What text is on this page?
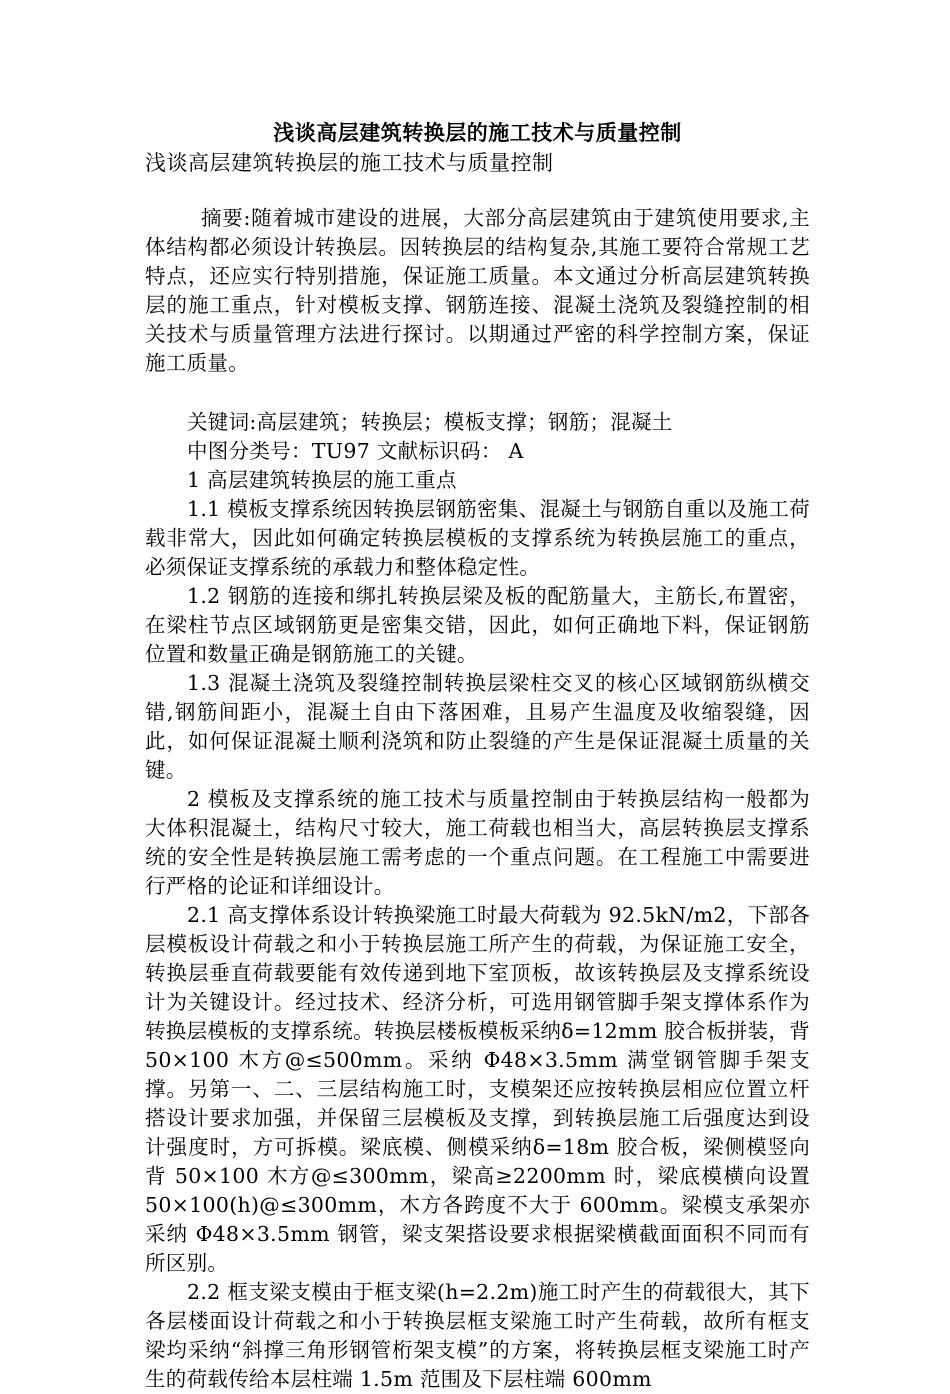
浅谈高层建筑转换层的施工技术与质量控制
浅谈高层建筑转换层的施工技术与质量控制

摘要:随着城市建设的进展，大部分高层建筑由于建筑使用要求,主体结构都必须设计转换层。因转换层的结构复杂,其施工要符合常规工艺特点，还应实行特别措施，保证施工质量。本文通过分析高层建筑转换层的施工重点，针对模板支撑、钢筋连接、混凝土浇筑及裂缝控制的相关技术与质量管理方法进行探讨。以期通过严密的科学控制方案，保证施工质量。

关键词:高层建筑；转换层；模板支撑；钢筋；混凝土

中图分类号：TU97 文献标识码： A

1 高层建筑转换层的施工重点

1.1 模板支撑系统因转换层钢筋密集、混凝土与钢筋自重以及施工荷载非常大，因此如何确定转换层模板的支撑系统为转换层施工的重点，必须保证支撑系统的承载力和整体稳定性。

1.2 钢筋的连接和绑扎转换层梁及板的配筋量大，主筋长,布置密，在梁柱节点区域钢筋更是密集交错，因此，如何正确地下料，保证钢筋位置和数量正确是钢筋施工的关键。

1.3 混凝土浇筑及裂缝控制转换层梁柱交叉的核心区域钢筋纵横交错,钢筋间距小，混凝土自由下落困难，且易产生温度及收缩裂缝，因此，如何保证混凝土顺利浇筑和防止裂缝的产生是保证混凝土质量的关键。

2 模板及支撑系统的施工技术与质量控制由于转换层结构一般都为大体积混凝土，结构尺寸较大，施工荷载也相当大，高层转换层支撑系统的安全性是转换层施工需考虑的一个重点问题。在工程施工中需要进行严格的论证和详细设计。

2.1 高支撑体系设计转换梁施工时最大荷载为 92.5kN/m2，下部各层模板设计荷载之和小于转换层施工所产生的荷载，为保证施工安全，转换层垂直荷载要能有效传递到地下室顶板，故该转换层及支撑系统设计为关键设计。经过技术、经济分析，可选用钢管脚手架支撑体系作为转换层模板的支撑系统。转换层楼板模板采纳δ=12mm 胶合板拼装，背 50×100 木方@≤500mm。采纳 Φ48×3.5mm 满堂钢管脚手架支撑。另第一、二、三层结构施工时，支模架还应按转换层相应位置立杆搭设计要求加强，并保留三层模板及支撑，到转换层施工后强度达到设计强度时，方可拆模。梁底模、侧模采纳δ=18m 胶合板，梁侧模竖向背 50×100 木方@≤300mm，梁高≥2200mm 时，梁底模横向设置 50×100(h)@≤300mm，木方各跨度不大于 600mm。梁模支承架亦采纳 Φ48×3.5mm 钢管，梁支架搭设要求根据梁横截面面积不同而有所区别。

2.2 框支梁支模由于框支梁(h=2.2m)施工时产生的荷载很大，其下各层楼面设计荷载之和小于转换层框支梁施工时产生荷载，故所有框支梁均采纳“斜撑三角形钢管桁架支模”的方案，将转换层框支梁施工时产生的荷载传给本层柱端 1.5m 范围及下层柱端 600mm
